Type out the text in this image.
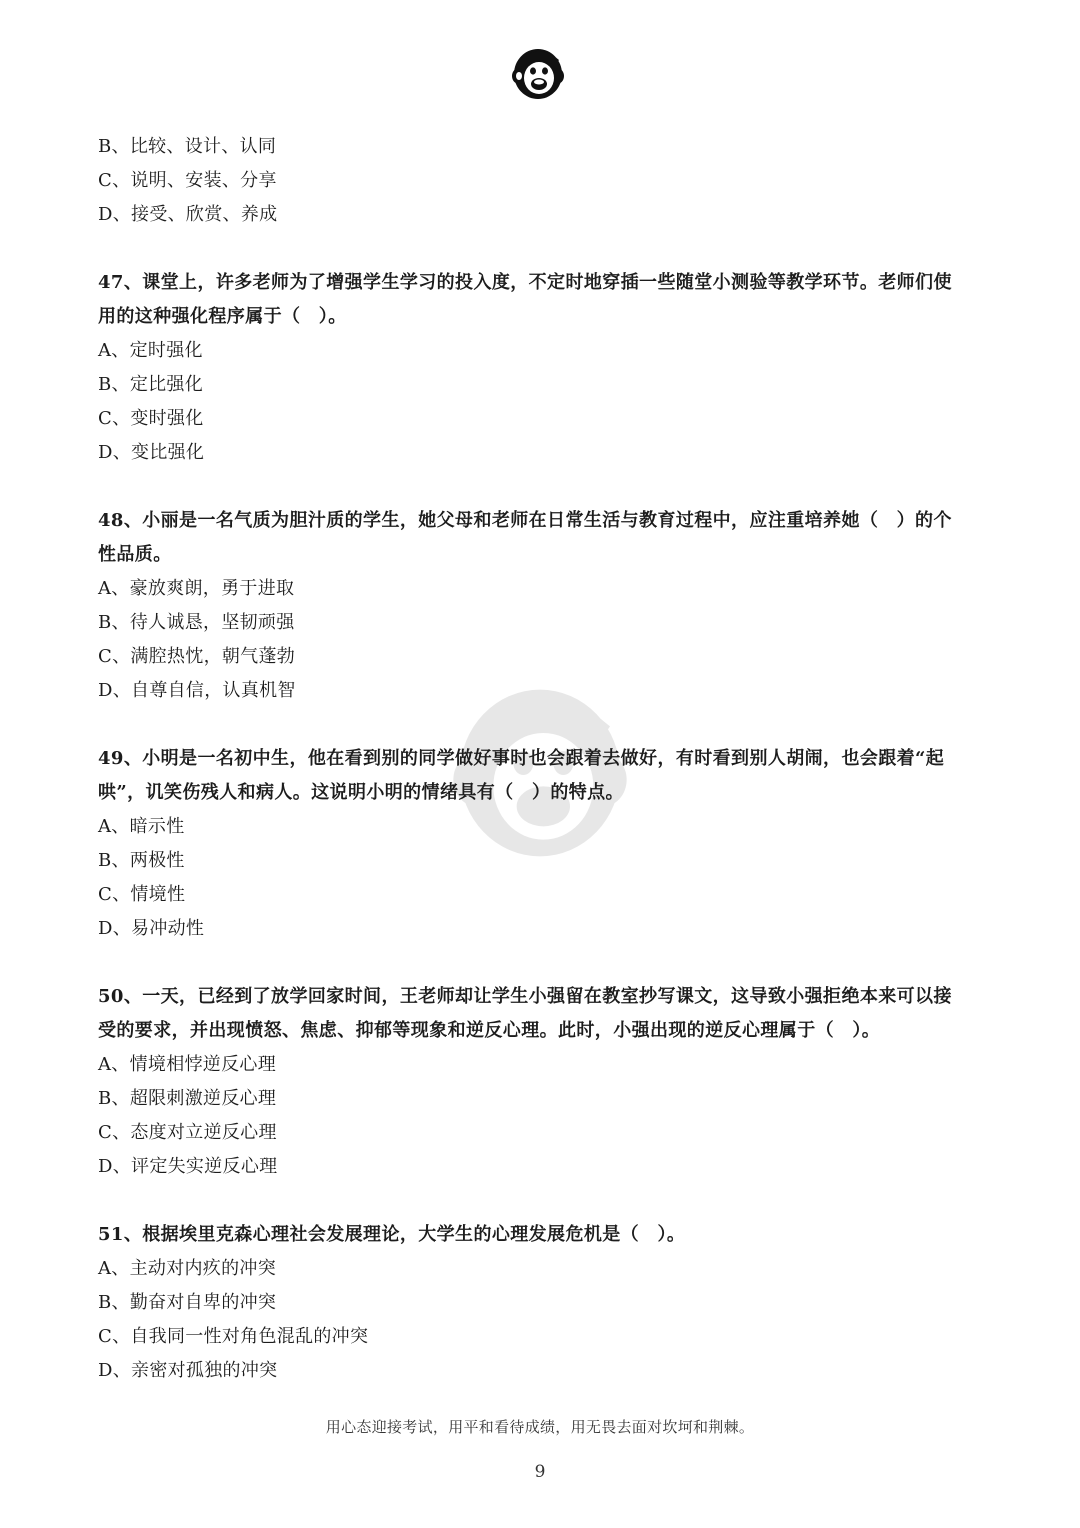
B、比较、设计、认同
C、说明、安装、分享
D、接受、欣赏、养成
47、课堂上，许多老师为了增强学生学习的投入度，不定时地穿插一些随堂小测验等教学环节。老师们使
用的这种强化程序属于（　）。
A、定时强化
B、定比强化
C、变时强化
D、变比强化
48、小丽是一名气质为胆汁质的学生，她父母和老师在日常生活与教育过程中，应注重培养她（　）的个
性品质。
A、豪放爽朗，勇于进取
B、待人诚恳，坚韧顽强
C、满腔热忱，朝气蓬勃
D、自尊自信，认真机智
49、小明是一名初中生，他在看到别的同学做好事时也会跟着去做好，有时看到别人胡闹，也会跟着“起
哄”，讥笑伤残人和病人。这说明小明的情绪具有（　）的特点。
A、暗示性
B、两极性
C、情境性
D、易冲动性
50、一天，已经到了放学回家时间，王老师却让学生小强留在教室抄写课文，这导致小强拒绝本来可以接
受的要求，并出现愤怒、焦虑、抑郁等现象和逆反心理。此时，小强出现的逆反心理属于（　）。
A、情境相悖逆反心理
B、超限刺激逆反心理
C、态度对立逆反心理
D、评定失实逆反心理
51、根据埃里克森心理社会发展理论，大学生的心理发展危机是（　）。
A、主动对内疚的冲突
B、勤奋对自卑的冲突
C、自我同一性对角色混乱的冲突
D、亲密对孤独的冲突
用心态迎接考试，用平和看待成绩，用无畏去面对坎坷和荆棘。
9
